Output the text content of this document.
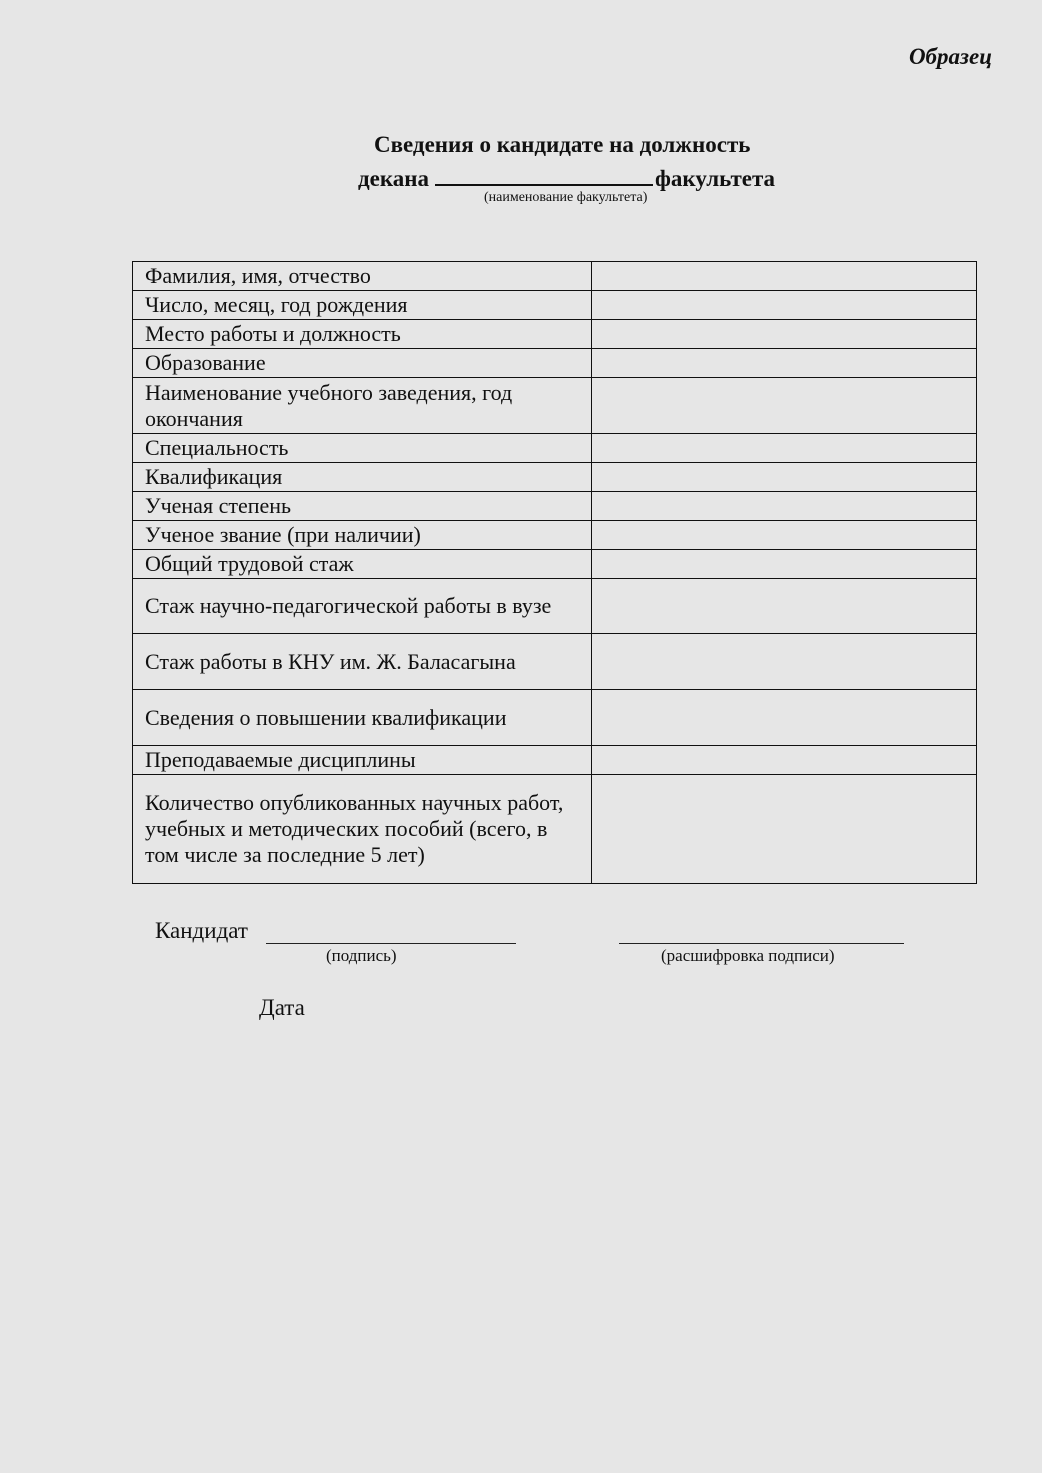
Образец
Сведения о кандидате на должность
декана	факультета
(наименование факультета)
Фамилия, имя, отчество	
Число, месяц, год рождения	
Место работы и должность	
Образование	
Наименование учебного заведения, год окончания	
Специальность	
Квалификация	
Ученая степень	
Ученое звание (при наличии)	
Общий трудовой стаж	
Стаж научно-педагогической работы в вузе	
Стаж работы в КНУ им. Ж. Баласагына	
Сведения о повышении квалификации	
Преподаваемые дисциплины	
Количество опубликованных научных работ, учебных и методических пособий (всего, в том числе за последние 5 лет)	
Кандидат
(подпись)	(расшифровка подписи)
Дата
